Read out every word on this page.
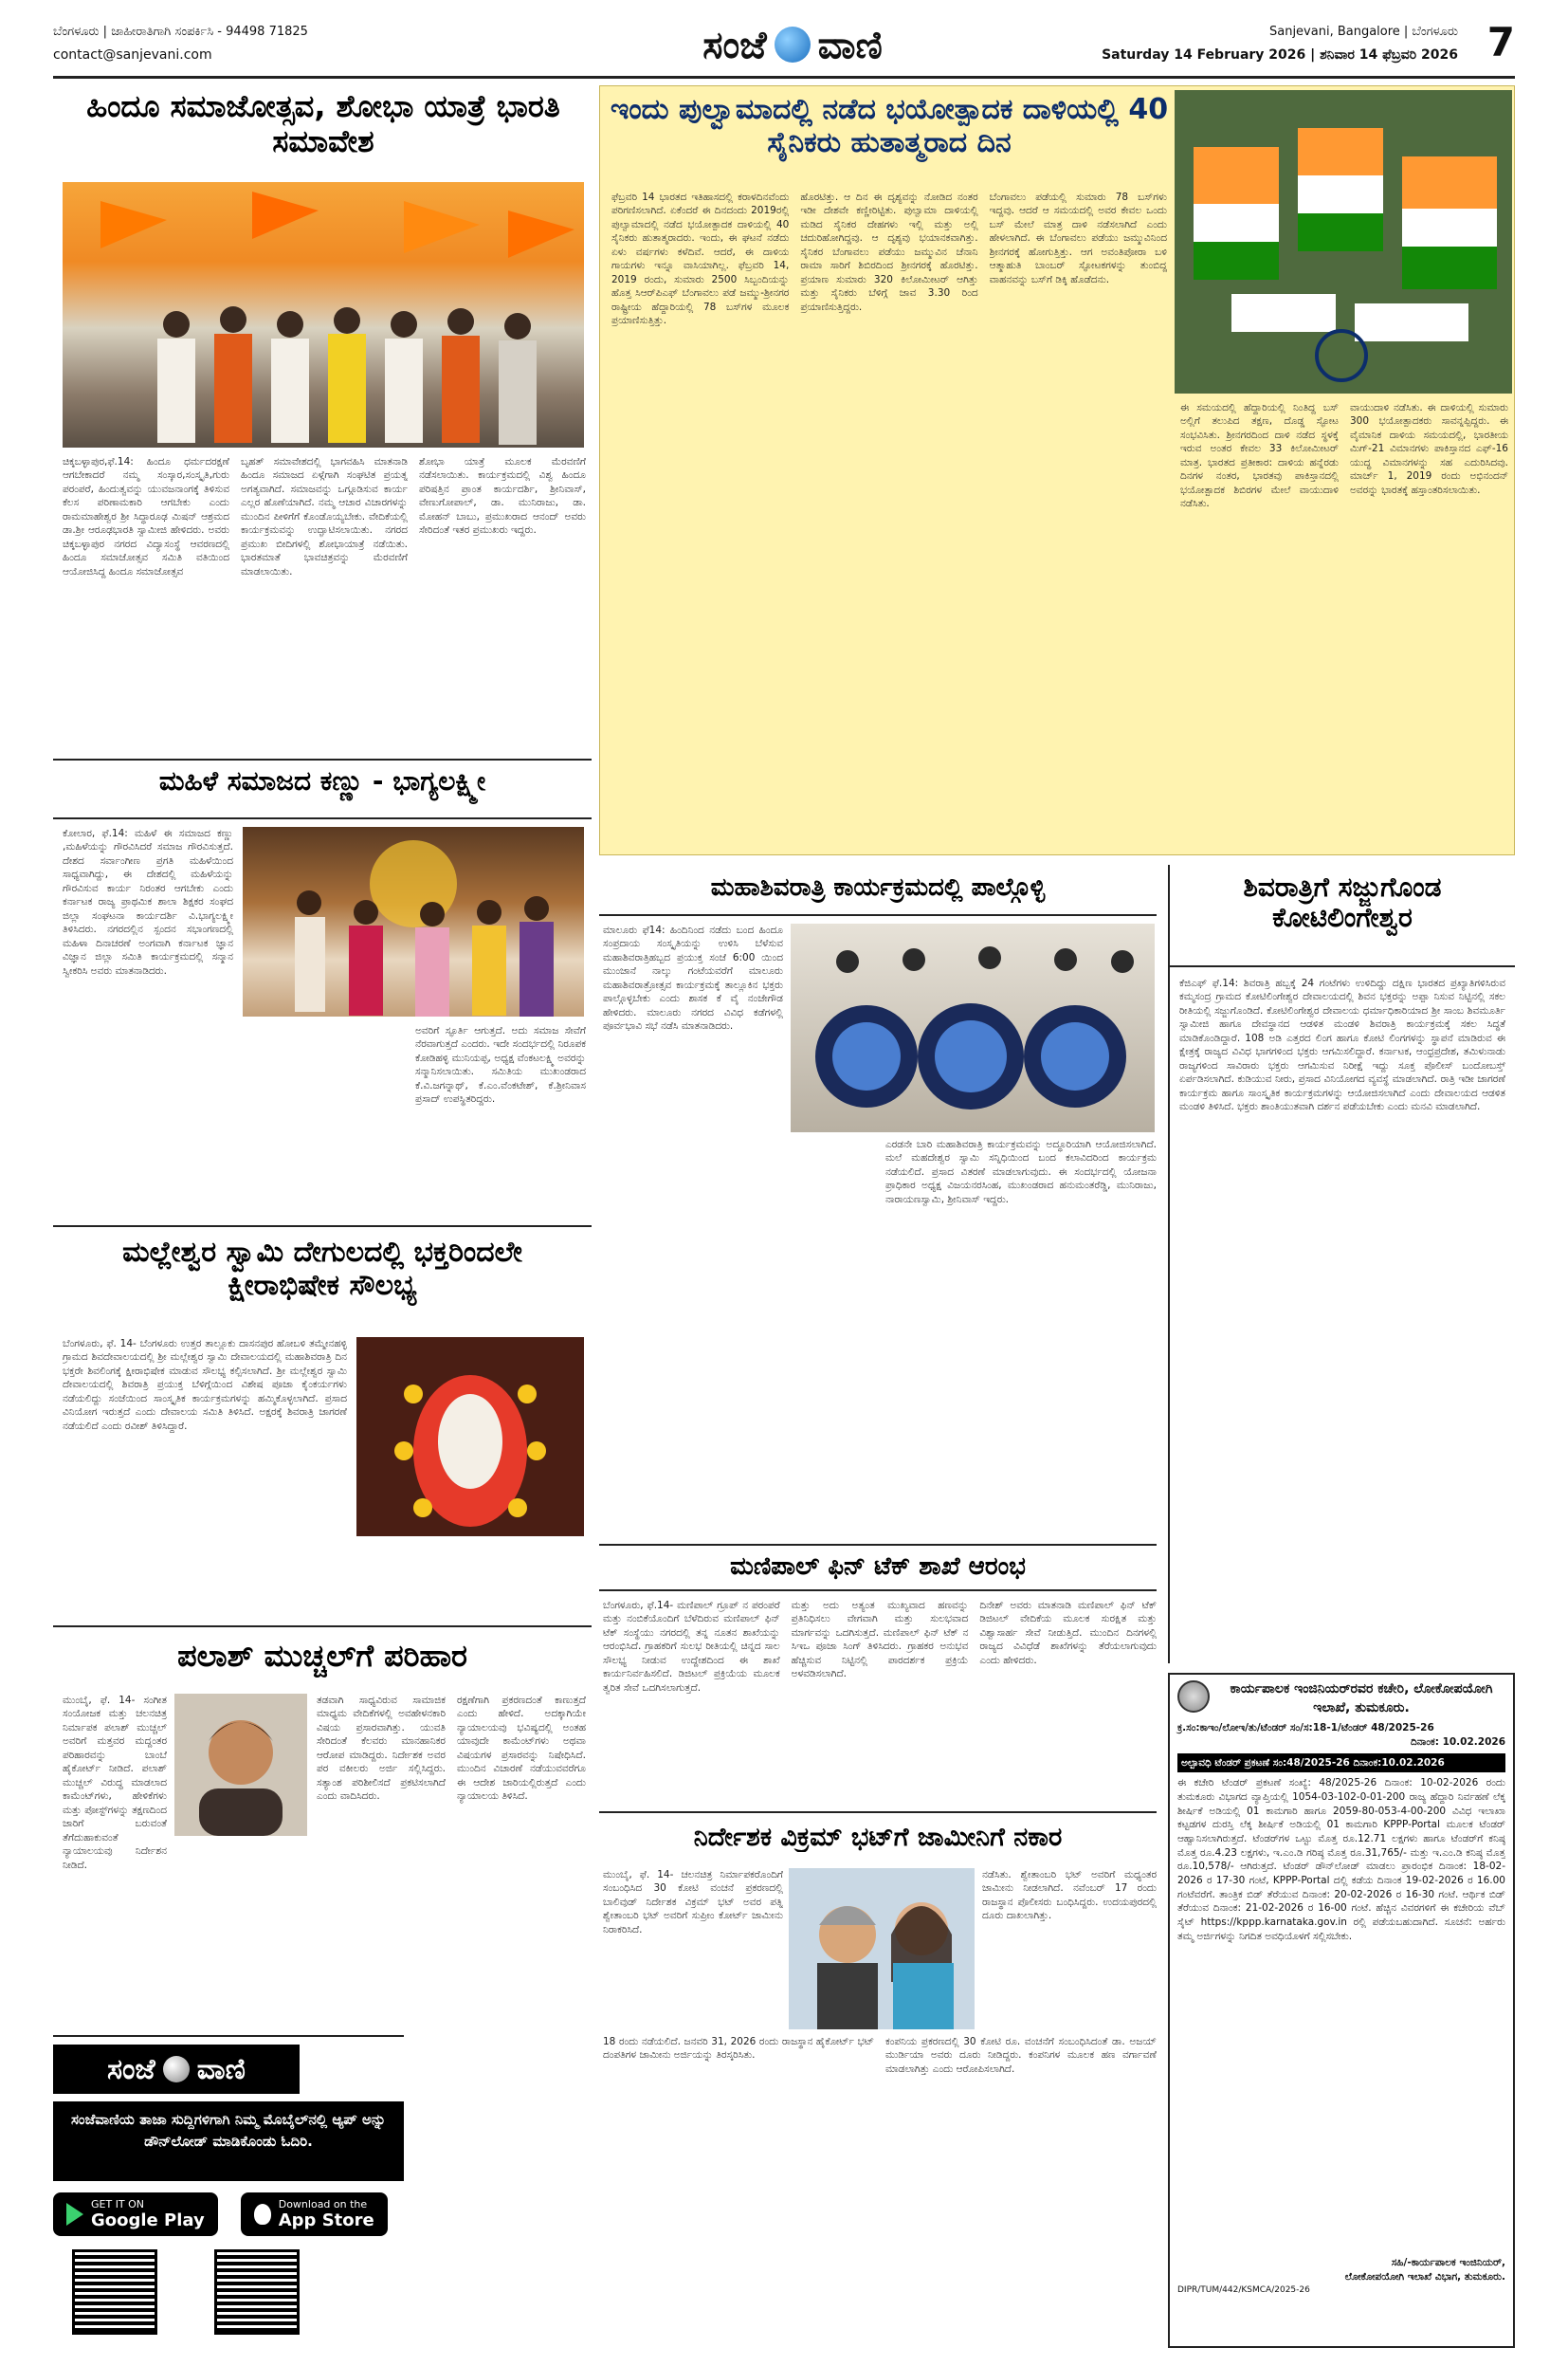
ಬೆಂಗಳೂರು | ಜಾಹೀರಾತಿಗಾಗಿ ಸಂಪರ್ಕಿಸಿ - 94498 71825
contact@sanjevani.com	ಸಂಜೆ ವಾಣಿ	Sanjevani, Bangalore | ಬೆಂಗಳೂರು
Saturday 14 February 2026 | ಶನಿವಾರ 14 ಫೆಬ್ರವರಿ 2026 7
ಹಿಂದೂ ಸಮಾಜೋತ್ಸವ, ಶೋಭಾ ಯಾತ್ರೆ ಭಾರತಿ ಸಮಾವೇಶ
ಚಿಕ್ಕಬಳ್ಳಾಪುರ,ಫೆ.14: ಹಿಂದೂ ಧರ್ಮದರಕ್ಷಣೆ ಆಗಬೇಕಾದರೆ ನಮ್ಮ ಸಂಸ್ಕಾರ,ಸಂಸ್ಕೃತಿ,ಗುರು ಪರಂಪರೆ, ಹಿಂದುತ್ವವನ್ನು ಯುವಜನಾಂಗಕ್ಕೆ ತಿಳಿಸುವ ಕೆಲಸ ಪರಿಣಾಮಕಾರಿ ಆಗಬೇಕು ಎಂದು ರಾಮಮಾಹೇಶ್ವರ ಶ್ರೀ ಸಿದ್ಧಾರೂಢ ಮಿಷನ್ ಆಶ್ರಮದ ಡಾ.ಶ್ರೀ ಆರೂಢಭಾರತಿ ಸ್ವಾಮೀಜಿ ಹೇಳಿದರು. ಅವರು ಚಿಕ್ಕಬಳ್ಳಾಪುರ ನಗರದ ವಿದ್ಯಾಸಂಸ್ಥೆ ಆವರಣದಲ್ಲಿ ಹಿಂದೂ ಸಮಾಜೋತ್ಸವ ಸಮಿತಿ ವತಿಯಿಂದ ಆಯೋಜಿಸಿದ್ದ ಹಿಂದೂ ಸಮಾಜೋತ್ಸವ
ಬೃಹತ್ ಸಮಾವೇಶದಲ್ಲಿ ಭಾಗವಹಿಸಿ ಮಾತನಾಡಿ ಹಿಂದೂ ಸಮಾಜದ ಏಳ್ಗೆಗಾಗಿ ಸಂಘಟಿತ ಪ್ರಯತ್ನ ಅಗತ್ಯವಾಗಿದೆ. ಸಮಾಜವನ್ನು ಒಗ್ಗೂಡಿಸುವ ಕಾರ್ಯ ಎಲ್ಲರ ಹೊಣೆಯಾಗಿದೆ. ನಮ್ಮ ಆಚಾರ ವಿಚಾರಗಳನ್ನು ಮುಂದಿನ ಪೀಳಿಗೆಗೆ ಕೊಂಡೊಯ್ಯಬೇಕು. ವೇದಿಕೆಯಲ್ಲಿ ಕಾರ್ಯಕ್ರಮವನ್ನು ಉದ್ಘಾಟಿಸಲಾಯಿತು. ನಗರದ ಪ್ರಮುಖ ಬೀದಿಗಳಲ್ಲಿ ಶೋಭಾಯಾತ್ರೆ ನಡೆಯಿತು. ಭಾರತಮಾತೆ ಭಾವಚಿತ್ರವನ್ನು ಮೆರವಣಿಗೆ ಮಾಡಲಾಯಿತು.
ಶೋಭಾ ಯಾತ್ರೆ ಮೂಲಕ ಮೆರವಣಿಗೆ ನಡೆಸಲಾಯಿತು. ಕಾರ್ಯಕ್ರಮದಲ್ಲಿ ವಿಶ್ವ ಹಿಂದೂ ಪರಿಷತ್ತಿನ ಪ್ರಾಂತ ಕಾರ್ಯದರ್ಶಿ, ಶ್ರೀನಿವಾಸ್, ವೇಣುಗೋಪಾಲ್, ಡಾ. ಮುನಿರಾಜು, ಡಾ. ಮೋಹನ್ ಬಾಬು, ಪ್ರಮುಖರಾದ ಆನಂದ್ ಅವರು ಸೇರಿದಂತೆ ಇತರ ಪ್ರಮುಖರು ಇದ್ದರು.
ಇಂದು ಪುಲ್ವಾಮಾದಲ್ಲಿ ನಡೆದ ಭಯೋತ್ಪಾದಕ ದಾಳಿಯಲ್ಲಿ 40 ಸೈನಿಕರು ಹುತಾತ್ಮರಾದ ದಿನ
ಫೆಬ್ರವರಿ 14 ಭಾರತದ ಇತಿಹಾಸದಲ್ಲಿ ಕರಾಳದಿನವೆಂದು ಪರಿಗಣಿಸಲಾಗಿದೆ. ಏಕೆಂದರೆ ಈ ದಿನದಂದು 2019ರಲ್ಲಿ ಪುಲ್ವಾಮಾದಲ್ಲಿ ನಡೆದ ಭಯೋತ್ಪಾದಕ ದಾಳಿಯಲ್ಲಿ 40 ಸೈನಿಕರು ಹುತಾತ್ಮರಾದರು. ಇಂದು, ಈ ಘಟನೆ ನಡೆದು ಏಳು ವರ್ಷಗಳು ಕಳೆದಿವೆ. ಆದರೆ, ಈ ದಾಳಿಯ ಗಾಯಗಳು ಇನ್ನೂ ವಾಸಿಯಾಗಿಲ್ಲ. ಫೆಬ್ರವರಿ 14, 2019 ರಂದು, ಸುಮಾರು 2500 ಸಿಬ್ಬಂದಿಯನ್ನು ಹೊತ್ತ ಸಿಆರ್‌ಪಿಎಫ್ ಬೆಂಗಾವಲು ಪಡೆ ಜಮ್ಮು-ಶ್ರೀನಗರ ರಾಷ್ಟ್ರೀಯ ಹೆದ್ದಾರಿಯಲ್ಲಿ 78 ಬಸ್‌ಗಳ ಮೂಲಕ ಪ್ರಯಾಣಿಸುತ್ತಿತ್ತು.
ಹೊರಟಿತ್ತು. ಆ ದಿನ ಈ ದೃಶ್ಯವನ್ನು ನೋಡಿದ ನಂತರ ಇಡೀ ದೇಶವೇ ಕಣ್ಣೀರಿಟ್ಟಿತು. ಪುಲ್ವಾಮಾ ದಾಳಿಯಲ್ಲಿ ಮಡಿದ ಸೈನಿಕರ ದೇಹಗಳು ಇಲ್ಲಿ ಮತ್ತು ಅಲ್ಲಿ ಚದುರಿಹೋಗಿದ್ದವು. ಆ ದೃಶ್ಯವು ಭಯಾನಕವಾಗಿತ್ತು. ಸೈನಿಕರ ಬೆಂಗಾವಲು ಪಡೆಯು ಜಮ್ಮುವಿನ ಚೆನಾನಿ ರಾಮಾ ಸಾರಿಗೆ ಶಿಬಿರದಿಂದ ಶ್ರೀನಗರಕ್ಕೆ ಹೊರಟಿತ್ತು. ಪ್ರಯಾಣ ಸುಮಾರು 320 ಕಿಲೋಮೀಟರ್ ಆಗಿತ್ತು ಮತ್ತು ಸೈನಿಕರು ಬೆಳಿಗ್ಗೆ ಜಾವ 3.30 ರಿಂದ ಪ್ರಯಾಣಿಸುತ್ತಿದ್ದರು.
ಬೆಂಗಾವಲು ಪಡೆಯಲ್ಲಿ ಸುಮಾರು 78 ಬಸ್‌ಗಳು ಇದ್ದವು. ಆದರೆ ಆ ಸಮಯದಲ್ಲಿ ಅವರ ಕೇವಲ ಒಂದು ಬಸ್ ಮೇಲೆ ಮಾತ್ರ ದಾಳಿ ನಡೆಸಲಾಗಿದೆ ಎಂದು ಹೇಳಲಾಗಿದೆ. ಈ ಬೆಂಗಾವಲು ಪಡೆಯು ಜಮ್ಮುವಿನಿಂದ ಶ್ರೀನಗರಕ್ಕೆ ಹೋಗುತ್ತಿತ್ತು. ಆಗ ಅವಂತಿಪೋರಾ ಬಳಿ ಆತ್ಮಾಹುತಿ ಬಾಂಬರ್ ಸ್ಫೋಟಕಗಳನ್ನು ತುಂಬಿದ್ದ ವಾಹನವನ್ನು ಬಸ್‌ಗೆ ಡಿಕ್ಕಿ ಹೊಡೆದನು.
ಈ ಸಮಯದಲ್ಲಿ ಹೆದ್ದಾರಿಯಲ್ಲಿ ನಿಂತಿದ್ದ ಬಸ್ ಅಲ್ಲಿಗೆ ತಲುಪಿದ ತಕ್ಷಣ, ದೊಡ್ಡ ಸ್ಫೋಟ ಸಂಭವಿಸಿತು. ಶ್ರೀನಗರದಿಂದ ದಾಳಿ ನಡೆದ ಸ್ಥಳಕ್ಕೆ ಇರುವ ಅಂತರ ಕೇವಲ 33 ಕಿಲೋಮೀಟರ್ ಮಾತ್ರ. ಭಾರತದ ಪ್ರತೀಕಾರ: ದಾಳಿಯ ಹನ್ನೆರಡು ದಿನಗಳ ನಂತರ, ಭಾರತವು ಪಾಕಿಸ್ತಾನದಲ್ಲಿ ಭಯೋತ್ಪಾದಕ ಶಿಬಿರಗಳ ಮೇಲೆ ವಾಯುದಾಳಿ ನಡೆಸಿತು.
ವಾಯುದಾಳಿ ನಡೆಸಿತು. ಈ ದಾಳಿಯಲ್ಲಿ ಸುಮಾರು 300 ಭಯೋತ್ಪಾದಕರು ಸಾವನ್ನಪ್ಪಿದ್ದರು. ಈ ವೈಮಾನಿಕ ದಾಳಿಯ ಸಮಯದಲ್ಲಿ, ಭಾರತೀಯ ಮಿಗ್-21 ವಿಮಾನಗಳು ಪಾಕಿಸ್ತಾನದ ಎಫ್-16 ಯುದ್ಧ ವಿಮಾನಗಳನ್ನು ಸಹ ಎದುರಿಸಿದವು. ಮಾರ್ಚ್ 1, 2019 ರಂದು ಅಭಿನಂದನ್ ಅವರನ್ನು ಭಾರತಕ್ಕೆ ಹಸ್ತಾಂತರಿಸಲಾಯಿತು.
ಮಹಿಳೆ ಸಮಾಜದ ಕಣ್ಣು - ಭಾಗ್ಯಲಕ್ಷ್ಮೀ
ಕೋಲಾರ, ಫೆ.14: ಮಹಿಳೆ ಈ ಸಮಾಜದ ಕಣ್ಣು ,ಮಹಿಳೆಯನ್ನು ಗೌರವಿಸಿದರೆ ಸಮಾಜ ಗೌರವಿಸುತ್ತದೆ. ದೇಶದ ಸರ್ವಾಂಗೀಣ ಪ್ರಗತಿ ಮಹಿಳೆಯಿಂದ ಸಾಧ್ಯವಾಗಿದ್ದು, ಈ ದೇಶದಲ್ಲಿ ಮಹಿಳೆಯನ್ನು ಗೌರವಿಸುವ ಕಾರ್ಯ ನಿರಂತರ ಆಗಬೇಕು ಎಂದು ಕರ್ನಾಟಕ ರಾಜ್ಯ ಪ್ರಾಥಮಿಕ ಶಾಲಾ ಶಿಕ್ಷಕರ ಸಂಘದ ಜಿಲ್ಲಾ ಸಂಘಟನಾ ಕಾರ್ಯದರ್ಶಿ ವಿ.ಭಾಗ್ಯಲಕ್ಷ್ಮೀ ತಿಳಿಸಿದರು. ನಗರದಲ್ಲಿನ ಸ್ಪಂದನ ಸಭಾಂಗಣದಲ್ಲಿ ಮಹಿಳಾ ದಿನಾಚರಣೆ ಅಂಗವಾಗಿ ಕರ್ನಾಟಕ ಜ್ಞಾನ ವಿಜ್ಞಾನ ಜಿಲ್ಲಾ ಸಮಿತಿ ಕಾರ್ಯಕ್ರಮದಲ್ಲಿ ಸನ್ಮಾನ ಸ್ವೀಕರಿಸಿ ಅವರು ಮಾತನಾಡಿದರು.
ಅವರಿಗೆ ಸ್ಫೂರ್ತಿ ಆಗುತ್ತದೆ. ಅದು ಸಮಾಜ ಸೇವೆಗೆ ನೆರವಾಗುತ್ತದೆ ಎಂದರು. ಇದೇ ಸಂದರ್ಭದಲ್ಲಿ ನಿರೂಪಕ ಕೋಡಿಹಳ್ಳಿ ಮುನಿಯಪ್ಪ, ಅಧ್ಯಕ್ಷ ವೆಂಕಟಲಕ್ಷ್ಮಿ ಅವರನ್ನು ಸನ್ಮಾನಿಸಲಾಯಿತು. ಸಮಿತಿಯ ಮುಖಂಡರಾದ ಕೆ.ವಿ.ಜಗನ್ನಾಥ್, ಕೆ.ಎಂ.ವೆಂಕಟೇಶ್, ಕೆ.ಶ್ರೀನಿವಾಸ ಪ್ರಸಾದ್ ಉಪಸ್ಥಿತರಿದ್ದರು.
ಮಹಾಶಿವರಾತ್ರಿ ಕಾರ್ಯಕ್ರಮದಲ್ಲಿ ಪಾಲ್ಗೊಳ್ಳಿ
ಮಾಲೂರು ಫೆ14: ಹಿಂದಿನಿಂದ ನಡೆದು ಬಂದ ಹಿಂದೂ ಸಂಪ್ರದಾಯ ಸಂಸ್ಕೃತಿಯನ್ನು ಉಳಿಸಿ ಬೆಳೆಸುವ ಮಹಾಶಿವರಾತ್ರಿಹಬ್ಬದ ಪ್ರಯುಕ್ತ ಸಂಜೆ 6:00 ಯಿಂದ ಮುಂಜಾನೆ ನಾಲ್ಕು ಗಂಟೆಯವರೆಗೆ ಮಾಲೂರು ಮಹಾಶಿವರಾತ್ರೋತ್ಸವ ಕಾರ್ಯಕ್ರಮಕ್ಕೆ ತಾಲ್ಲೂಕಿನ ಭಕ್ತರು ಪಾಲ್ಗೊಳ್ಳಬೇಕು ಎಂದು ಶಾಸಕ ಕೆ ವೈ ನಂಜೇಗೌಡ ಹೇಳಿದರು. ಮಾಲೂರು ನಗರದ ವಿವಿಧ ಕಡೆಗಳಲ್ಲಿ ಪೂರ್ವಭಾವಿ ಸಭೆ ನಡೆಸಿ ಮಾತನಾಡಿದರು.
ಎರಡನೇ ಬಾರಿ ಮಹಾಶಿವರಾತ್ರಿ ಕಾರ್ಯಕ್ರಮವನ್ನು ಅದ್ಧೂರಿಯಾಗಿ ಆಯೋಜಿಸಲಾಗಿದೆ. ಮಲೆ ಮಹದೇಶ್ವರ ಸ್ವಾಮಿ ಸನ್ನಿಧಿಯಿಂದ ಬಂದ ಕಲಾವಿದರಿಂದ ಕಾರ್ಯಕ್ರಮ ನಡೆಯಲಿದೆ. ಪ್ರಸಾದ ವಿತರಣೆ ಮಾಡಲಾಗುವುದು. ಈ ಸಂದರ್ಭದಲ್ಲಿ ಯೋಜನಾ ಪ್ರಾಧಿಕಾರ ಅಧ್ಯಕ್ಷ ವಿಜಯನರಸಿಂಹ, ಮುಖಂಡರಾದ ಹನುಮಂತರೆಡ್ಡಿ, ಮುನಿರಾಜು, ನಾರಾಯಣಸ್ವಾಮಿ, ಶ್ರೀನಿವಾಸ್ ಇದ್ದರು.
ಶಿವರಾತ್ರಿಗೆ ಸಜ್ಜುಗೊಂಡ ಕೋಟಿಲಿಂಗೇಶ್ವರ
ಕೆಜಿಎಫ್ ಫೆ.14: ಶಿವರಾತ್ರಿ ಹಬ್ಬಕ್ಕೆ 24 ಗಂಟೆಗಳು ಉಳಿದಿದ್ದು ದಕ್ಷಿಣ ಭಾರತದ ಪ್ರಖ್ಯಾತಿಗಳಿಸಿರುವ ಕಮ್ಮಸಂದ್ರ ಗ್ರಾಮದ ಕೋಟಿಲಿಂಗೇಶ್ವರ ದೇವಾಲಯದಲ್ಲಿ ಶಿವನ ಭಕ್ತರನ್ನು ಅಪ್ಪಾ ನಿಸುವ ನಿಟ್ಟಿನಲ್ಲಿ ಸಕಲ ರೀತಿಯಲ್ಲಿ ಸಜ್ಜುಗೊಂಡಿದೆ. ಕೋಟಿಲಿಂಗೇಶ್ವರ ದೇವಾಲಯ ಧರ್ಮಾಧಿಕಾರಿಯಾದ ಶ್ರೀ ಸಾಂಬ ಶಿವಮೂರ್ತಿ ಸ್ವಾಮೀಜಿ ಹಾಗೂ ದೇವಸ್ಥಾನದ ಆಡಳಿತ ಮಂಡಳಿ ಶಿವರಾತ್ರಿ ಕಾರ್ಯಕ್ರಮಕ್ಕೆ ಸಕಲ ಸಿದ್ಧತೆ ಮಾಡಿಕೊಂಡಿದ್ದಾರೆ. 108 ಅಡಿ ಎತ್ತರದ ಲಿಂಗ ಹಾಗೂ ಕೋಟಿ ಲಿಂಗಗಳನ್ನು ಸ್ಥಾಪನೆ ಮಾಡಿರುವ ಈ ಕ್ಷೇತ್ರಕ್ಕೆ ರಾಜ್ಯದ ವಿವಿಧ ಭಾಗಗಳಿಂದ ಭಕ್ತರು ಆಗಮಿಸಲಿದ್ದಾರೆ. ಕರ್ನಾಟಕ, ಆಂಧ್ರಪ್ರದೇಶ, ತಮಿಳುನಾಡು ರಾಜ್ಯಗಳಿಂದ ಸಾವಿರಾರು ಭಕ್ತರು ಆಗಮಿಸುವ ನಿರೀಕ್ಷೆ ಇದ್ದು ಸೂಕ್ತ ಪೊಲೀಸ್ ಬಂದೋಬಸ್ತ್ ಏರ್ಪಡಿಸಲಾಗಿದೆ. ಕುಡಿಯುವ ನೀರು, ಪ್ರಸಾದ ವಿನಿಯೋಗದ ವ್ಯವಸ್ಥೆ ಮಾಡಲಾಗಿದೆ. ರಾತ್ರಿ ಇಡೀ ಜಾಗರಣೆ ಕಾರ್ಯಕ್ರಮ ಹಾಗೂ ಸಾಂಸ್ಕೃತಿಕ ಕಾರ್ಯಕ್ರಮಗಳನ್ನು ಆಯೋಜಿಸಲಾಗಿದೆ ಎಂದು ದೇವಾಲಯದ ಆಡಳಿತ ಮಂಡಳಿ ತಿಳಿಸಿದೆ. ಭಕ್ತರು ಶಾಂತಿಯುತವಾಗಿ ದರ್ಶನ ಪಡೆಯಬೇಕು ಎಂದು ಮನವಿ ಮಾಡಲಾಗಿದೆ.
ಮಲ್ಲೇಶ್ವರ ಸ್ವಾಮಿ ದೇಗುಲದಲ್ಲಿ ಭಕ್ತರಿಂದಲೇ ಕ್ಷೀರಾಭಿಷೇಕ ಸೌಲಭ್ಯ
ಬೆಂಗಳೂರು, ಫೆ. 14- ಬೆಂಗಳೂರು ಉತ್ತರ ತಾಲ್ಲೂಕು ದಾಸನಪುರ ಹೋಬಳಿ ತಮ್ಮೇನಹಳ್ಳಿ ಗ್ರಾಮದ ಶಿವದೇವಾಲಯದಲ್ಲಿ ಶ್ರೀ ಮಲ್ಲೇಶ್ವರ ಸ್ವಾಮಿ ದೇವಾಲಯದಲ್ಲಿ ಮಹಾಶಿವರಾತ್ರಿ ದಿನ ಭಕ್ತರೇ ಶಿವಲಿಂಗಕ್ಕೆ ಕ್ಷೀರಾಭಿಷೇಕ ಮಾಡುವ ಸೌಲಭ್ಯ ಕಲ್ಪಿಸಲಾಗಿದೆ. ಶ್ರೀ ಮಲ್ಲೇಶ್ವರ ಸ್ವಾಮಿ ದೇವಾಲಯದಲ್ಲಿ ಶಿವರಾತ್ರಿ ಪ್ರಯುಕ್ತ ಬೆಳಿಗ್ಗೆಯಿಂದ ವಿಶೇಷ ಪೂಜಾ ಕೈಂಕರ್ಯಗಳು ನಡೆಯಲಿದ್ದು ಸಂಜೆಯಿಂದ ಸಾಂಸ್ಕೃತಿಕ ಕಾರ್ಯಕ್ರಮಗಳನ್ನು ಹಮ್ಮಿಕೊಳ್ಳಲಾಗಿದೆ. ಪ್ರಸಾದ ವಿನಿಯೋಗ ಇರುತ್ತದೆ ಎಂದು ದೇವಾಲಯ ಸಮಿತಿ ತಿಳಿಸಿದೆ. ಅಕ್ಷರಕ್ಕೆ ಶಿವರಾತ್ರಿ ಜಾಗರಣೆ ನಡೆಯಲಿದೆ ಎಂದು ರವೀಶ್ ತಿಳಿಸಿದ್ದಾರೆ.
ಮಣಿಪಾಲ್ ಫಿನ್ ಟೆಕ್ ಶಾಖೆ ಆರಂಭ
ಬೆಂಗಳೂರು, ಫೆ.14- ಮಣಿಪಾಲ್ ಗ್ರೂಪ್ ನ ಪರಂಪರೆ ಮತ್ತು ನಂಬಿಕೆಯೊಂದಿಗೆ ಬೆಳೆದಿರುವ ಮಣಿಪಾಲ್ ಫಿನ್ ಟೆಕ್ ಸಂಸ್ಥೆಯು ನಗರದಲ್ಲಿ ತನ್ನ ನೂತನ ಶಾಖೆಯನ್ನು ಆರಂಭಿಸಿದೆ. ಗ್ರಾಹಕರಿಗೆ ಸುಲಭ ರೀತಿಯಲ್ಲಿ ಚಿನ್ನದ ಸಾಲ ಸೌಲಭ್ಯ ನೀಡುವ ಉದ್ದೇಶದಿಂದ ಈ ಶಾಖೆ ಕಾರ್ಯನಿರ್ವಹಿಸಲಿದೆ. ಡಿಜಿಟಲ್ ಪ್ರಕ್ರಿಯೆಯ ಮೂಲಕ ತ್ವರಿತ ಸೇವೆ ಒದಗಿಸಲಾಗುತ್ತದೆ.
ಮತ್ತು ಅದು ಅತ್ಯಂತ ಮುಖ್ಯವಾದ ಹಣವನ್ನು ಪ್ರತಿನಿಧಿಸಲು ವೇಗವಾಗಿ ಮತ್ತು ಸುಲಭವಾದ ಮಾರ್ಗವನ್ನು ಒದಗಿಸುತ್ತದೆ. ಮಣಿಪಾಲ್ ಫಿನ್ ಟೆಕ್ ನ ಸಿಇಒ ಪೂಜಾ ಸಿಂಗ್ ತಿಳಿಸಿದರು. ಗ್ರಾಹಕರ ಅನುಭವ ಹೆಚ್ಚಿಸುವ ನಿಟ್ಟಿನಲ್ಲಿ ಪಾರದರ್ಶಕ ಪ್ರಕ್ರಿಯೆ ಅಳವಡಿಸಲಾಗಿದೆ.
ದಿನೇಶ್ ಅವರು ಮಾತನಾಡಿ ಮಣಿಪಾಲ್ ಫಿನ್ ಟೆಕ್ ಡಿಜಿಟಲ್ ವೇದಿಕೆಯ ಮೂಲಕ ಸುರಕ್ಷಿತ ಮತ್ತು ವಿಶ್ವಾಸಾರ್ಹ ಸೇವೆ ನೀಡುತ್ತಿದೆ. ಮುಂದಿನ ದಿನಗಳಲ್ಲಿ ರಾಜ್ಯದ ವಿವಿಧೆಡೆ ಶಾಖೆಗಳನ್ನು ತೆರೆಯಲಾಗುವುದು ಎಂದು ಹೇಳಿದರು.
ಪಲಾಶ್ ಮುಚ್ಚಲ್‌ಗೆ ಪರಿಹಾರ
ಮುಂಬೈ, ಫೆ. 14- ಸಂಗೀತ ಸಂಯೋಜಕ ಮತ್ತು ಚಲನಚಿತ್ರ ನಿರ್ಮಾಪಕ ಪಲಾಶ್ ಮುಚ್ಚಲ್ ಅವರಿಗೆ ಮತ್ತವರ ಮದ್ದಂತರ ಪರಿಹಾರವನ್ನು ಬಾಂಬೆ ಹೈಕೋರ್ಟ್ ನೀಡಿದೆ. ಪಲಾಶ್ ಮುಚ್ಚಲ್ ವಿರುದ್ಧ ಮಾಡಲಾದ ಕಾಮೆಂಟ್‌ಗಳು, ಹೇಳಿಕೆಗಳು ಮತ್ತು ಪೋಸ್ಟ್‌ಗಳನ್ನು ತಕ್ಷಣದಿಂದ ಜಾರಿಗೆ ಬರುವಂತೆ ತೆಗೆದುಹಾಕುವಂತೆ ನ್ಯಾಯಾಲಯವು ನಿರ್ದೇಶನ ನೀಡಿದೆ.
ತಡವಾಗಿ ಸಾಧ್ಯವಿರುವ ಸಾಮಾಜಿಕ ಮಾಧ್ಯಮ ವೇದಿಕೆಗಳಲ್ಲಿ ಅವಹೇಳನಕಾರಿ ವಿಷಯ ಪ್ರಸಾರವಾಗಿತ್ತು. ಯುವತಿ ಸೇರಿದಂತೆ ಕೆಲವರು ಮಾನಹಾನಿಕರ ಆರೋಪ ಮಾಡಿದ್ದರು. ನಿರ್ದೇಶಕ ಅವರ ಪರ ವಕೀಲರು ಅರ್ಜಿ ಸಲ್ಲಿಸಿದ್ದರು. ಸತ್ಯಾಂಶ ಪರಿಶೀಲಿಸದೆ ಪ್ರಕಟಿಸಲಾಗಿದೆ ಎಂದು ವಾದಿಸಿದರು.
ರಕ್ಷಣೆಗಾಗಿ ಪ್ರಕರಣದಂತೆ ಕಾಣುತ್ತದೆ ಎಂದು ಹೇಳಿದೆ. ಅದಕ್ಕಾಗಿಯೇ ನ್ಯಾಯಾಲಯವು ಭವಿಷ್ಯದಲ್ಲಿ ಅಂತಹ ಯಾವುದೇ ಕಾಮೆಂಟ್‌ಗಳು ಅಥವಾ ವಿಷಯಗಳ ಪ್ರಸಾರವನ್ನು ನಿಷೇಧಿಸಿದೆ. ಮುಂದಿನ ವಿಚಾರಣೆ ನಡೆಯುವವರೆಗೂ ಈ ಆದೇಶ ಜಾರಿಯಲ್ಲಿರುತ್ತದೆ ಎಂದು ನ್ಯಾಯಾಲಯ ತಿಳಿಸಿದೆ.
ಸಂಜೆ ವಾಣಿ
ಸಂಜೆವಾಣಿಯ ತಾಜಾ ಸುದ್ದಿಗಳಿಗಾಗಿ ನಿಮ್ಮ ಮೊಬೈಲ್‌ನಲ್ಲಿ ಆ್ಯಪ್ ಅನ್ನು ಡೌನ್‌ಲೋಡ್ ಮಾಡಿಕೊಂಡು ಓದಿರಿ.
GET IT ON
Google Play
Download on the
App Store
ನಿರ್ದೇಶಕ ವಿಕ್ರಮ್ ಭಟ್‌ಗೆ ಜಾಮೀನಿಗೆ ನಕಾರ
ಮುಂಬೈ, ಫೆ. 14- ಚಲನಚಿತ್ರ ನಿರ್ಮಾಪಕರೊಂದಿಗೆ ಸಂಬಂಧಿಸಿದ 30 ಕೋಟಿ ವಂಚನೆ ಪ್ರಕರಣದಲ್ಲಿ ಬಾಲಿವುಡ್ ನಿರ್ದೇಶಕ ವಿಕ್ರಮ್ ಭಟ್ ಅವರ ಪತ್ನಿ ಶ್ವೇತಾಂಬರಿ ಭಟ್ ಅವರಿಗೆ ಸುಪ್ರೀಂ ಕೋರ್ಟ್ ಜಾಮೀನು ನಿರಾಕರಿಸಿದೆ.
ನಡೆಸಿತು. ಶ್ವೇತಾಂಬರಿ ಭಟ್ ಅವರಿಗೆ ಮಧ್ಯಂತರ ಜಾಮೀನು ನೀಡಲಾಗಿದೆ. ನವೆಂಬರ್ 17 ರಂದು ರಾಜಸ್ಥಾನ ಪೊಲೀಸರು ಬಂಧಿಸಿದ್ದರು. ಉದಯಪುರದಲ್ಲಿ ದೂರು ದಾಖಲಾಗಿತ್ತು.
18 ರಂದು ನಡೆಯಲಿದೆ. ಜನವರಿ 31, 2026 ರಂದು ರಾಜಸ್ಥಾನ ಹೈಕೋರ್ಟ್ ಭಟ್ ದಂಪತಿಗಳ ಜಾಮೀನು ಅರ್ಜಿಯನ್ನು ತಿರಸ್ಕರಿಸಿತು.
ಕಂಪನಿಯ ಪ್ರಕರಣದಲ್ಲಿ 30 ಕೋಟಿ ರೂ. ವಂಚನೆಗೆ ಸಂಬಂಧಿಸಿದಂತೆ ಡಾ. ಅಜಯ್ ಮುರ್ಡಿಯಾ ಅವರು ದೂರು ನೀಡಿದ್ದರು. ಕಂಪನಿಗಳ ಮೂಲಕ ಹಣ ವರ್ಗಾವಣೆ ಮಾಡಲಾಗಿತ್ತು ಎಂದು ಆರೋಪಿಸಲಾಗಿದೆ.
ಕಾರ್ಯಪಾಲಕ ಇಂಜಿನಿಯರ್‌ರವರ ಕಚೇರಿ, ಲೋಕೋಪಯೋಗಿ ಇಲಾಖೆ, ತುಮಕೂರು.
ಕ್ರ.ಸಂ:ಕಾಇಂ/ಲೋಇ/ತು/ಟೆಂಡರ್ ಸಂ/ಸ:18-1/ಟೆಂಡರ್ 48/2025-26
ದಿನಾಂಕ: 10.02.2026
ಅಲ್ಪಾವಧಿ ಟೆಂಡರ್ ಪ್ರಕಟಣೆ ಸಂ:48/2025-26 ದಿನಾಂಕ:10.02.2026
ಈ ಕಚೇರಿ ಟೆಂಡರ್ ಪ್ರಕಟಣೆ ಸಂಖ್ಯೆ: 48/2025-26 ದಿನಾಂಕ: 10-02-2026 ರಂದು ತುಮಕೂರು ವಿಭಾಗದ ವ್ಯಾಪ್ತಿಯಲ್ಲಿ 1054-03-102-0-01-200 ರಾಜ್ಯ ಹೆದ್ದಾರಿ ನಿರ್ವಹಣೆ ಲೆಕ್ಕ ಶೀರ್ಷಿಕೆ ಅಡಿಯಲ್ಲಿ 01 ಕಾಮಗಾರಿ ಹಾಗೂ 2059-80-053-4-00-200 ವಿವಿಧ ಇಲಾಖಾ ಕಟ್ಟಡಗಳ ದುರಸ್ತಿ ಲೆಕ್ಕ ಶೀರ್ಷಿಕೆ ಅಡಿಯಲ್ಲಿ 01 ಕಾಮಗಾರಿ KPPP-Portal ಮೂಲಕ ಟೆಂಡರ್ ಆಹ್ವಾನಿಸಲಾಗಿರುತ್ತದೆ. ಟೆಂಡರ್‌ಗಳ ಒಟ್ಟು ಮೊತ್ತ ರೂ.12.71 ಲಕ್ಷಗಳು ಹಾಗೂ ಟೆಂಡರ್‌ಗೆ ಕನಿಷ್ಠ ಮೊತ್ತ ರೂ.4.23 ಲಕ್ಷಗಳು, ಇ.ಎಂ.ಡಿ ಗರಿಷ್ಠ ಮೊತ್ತ ರೂ.31,765/- ಮತ್ತು ಇ.ಎಂ.ಡಿ ಕನಿಷ್ಠ ಮೊತ್ತ ರೂ.10,578/- ಆಗಿರುತ್ತದೆ. ಟೆಂಡರ್‌ ಡೌನ್‌ಲೋಡ್ ಮಾಡಲು ಪ್ರಾರಂಭಿಕ ದಿನಾಂಕ: 18-02-2026 ರ 17-30 ಗಂಟೆ, KPPP-Portal ದಲ್ಲಿ ಕಡೆಯ ದಿನಾಂಕ 19-02-2026 ರ 16.00 ಗಂಟೆವರೆಗೆ. ತಾಂತ್ರಿಕ ಬಿಡ್ ತೆರೆಯುವ ದಿನಾಂಕ: 20-02-2026 ರ 16-30 ಗಂಟೆ. ಆರ್ಥಿಕ ಬಿಡ್ ತೆರೆಯುವ ದಿನಾಂಕ: 21-02-2026 ರ 16-00 ಗಂಟೆ. ಹೆಚ್ಚಿನ ವಿವರಗಳಿಗೆ ಈ ಕಚೇರಿಯ ವೆಬ್ ಸೈಟ್ https://kppp.karnataka.gov.in ರಲ್ಲಿ ಪಡೆಯಬಹುದಾಗಿದೆ. ಸೂಚನೆ: ಅರ್ಹರು ತಮ್ಮ ಅರ್ಜಿಗಳನ್ನು ನಿಗದಿತ ಅವಧಿಯೊಳಗೆ ಸಲ್ಲಿಸಬೇಕು.
ಸಹಿ/-ಕಾರ್ಯಪಾಲಕ ಇಂಜಿನಿಯರ್,
ಲೋಕೋಪಯೋಗಿ ಇಲಾಖೆ ವಿಭಾಗ, ತುಮಕೂರು.
DIPR/TUM/442/KSMCA/2025-26
